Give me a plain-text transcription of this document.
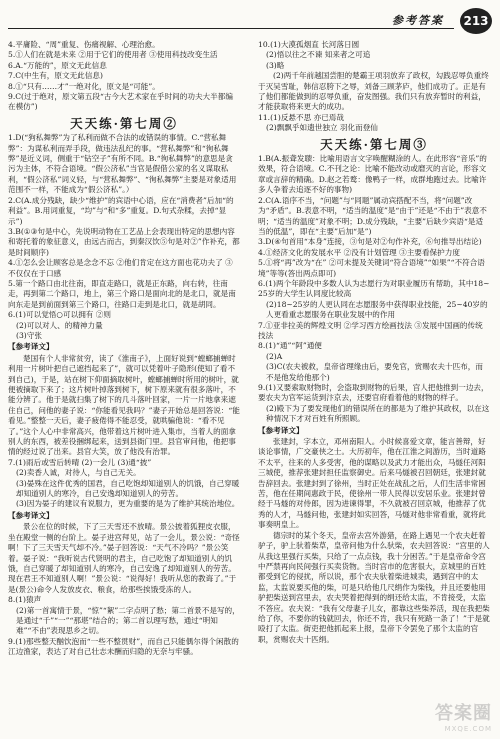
参考答案	213

4.平庸险、“周”重复、伤痛视解、心理治愈。

5.①人们在就是未来 ②用于它们的使用者 ③使用科技改变生活

6.A.“万能的”，原文无此信息

7.C(中生有，原文无此信息)

8.①“只有……才”一绝对化，原文是“可能”。

9.C(过于绝对，原文第五段“古今大艺术家在乎时间的功夫大半都编在模仿”)

天天练·第七周②

1.D(“狗私舞弊”为了私利而做不合法的或错误的事情。C.“营私舞弊”：为谋私利而弄手段，做违法乱纪的事。“营私舞弊”和“徇私舞弊”是近义词，侧重于“钻空子”有所不同。B.“徇私舞弊”的意思是贪污为主体，不符合语境。“假公济私”当官是假借公家的名义谋取私利，“假公济私”词义轻，与“营私舞弊”、“徇私舞弊”主要是对象适用范围不一样，不能成为“假公济私”。）

2.C(A.成分残缺，缺少“维护”的宾语中心语，应在“消费者”后加“的利益”。B.用词重复，“均”与“和“多”重复。D.句式杂糅，去掉“显示”)

3.B(①③句是中心，先说明动物在工艺品上会表现出特定的思想内容和寄托着的象征意义，由远古而古，到秦汉饮⑤句是对②”作补充，都是时间顺序)

4.①怎么会让顾客总是念念不忘 ②他们肯定在这方面也花功夫了 ③不仅仅在于口感

5.第一个路口由北往南，即直走路口，就是正东路，向右转，往南走，再到第二个路口，地上，第三个路口是面向北的是北口，就是南向东走是到前面到第三个路口，往路口走到是北口，就是胡同。

6.(1)可以觉悟○可以拥有 ②则

(2)可以对人、的精神力量

(3)守张

【参考译文】

楚国有个人非常贫穷，读了《淮南子》，上面好说到“螳螂捕蝉时利用一片树叶把自己遮挡起来了”，就可以凭着叶子隐形(使知了看不到自己)，于是，站在树下仰面摘取树叶，螳螂捕蝉时所用的树叶，就便被摘取下来了；这片树叶掉落到树下，树下原来就有很多落叶，不能分辨了。他于是就扫集了树下的几斗落叶回家，一片一片地拿来遮住自己，问他的妻子说：“你能看见我吗？”妻子开始总是回答说：“能看见。”整整一天后，妻子疲倦得不能忍受，就哄骗他说：“看不见了。”这个人心中非常高兴，他带着这片树叶进入集市，当着人的面拿别人的东西，被差役捆绑起来，送到县衙门里。县官审问他，他把事情的经过说了出来。县官大笑，放了他没有治罪。

7.(1)雨后或雪后转晴 (2)一会儿 (3)通“披”

(2)卖香人诚，对待人，与自己无关。

(3)晏殊在这件优秀的国君，自己吃饱却知道别人的饥饿，自己穿暖却知道别人的寒冷，自己安逸却知道别人的劳苦。

(3)因为晏子的建议有说服力，更为重要的是为了维护其统治地位。

【参考译文】

景公在位的时候，下了三天雪还不放晴。景公披着狐狸皮衣服，坐在殿堂一侧的台阶上。晏子进宫拜见，站了一会儿，景公说：“奇怪啊！下了三天雪天气却不冷。”晏子回答说：“天气不冷吗？”景公笑着。晏子说：“我听说古代贤明的君主，自己吃饱了却知道别人的饥饿，自己穿暖了却知道别人的寒冷，自己安逸了却知道别人的劳苦。现在君王不知道别人啊！”景公说：“说得好！我听从您的教诲了。”于是(景公)命令人发放皮衣、粮食，给那些挨饿受冻的人。

8.(1)猿声

(2)第一首寓情于景，“惊”“絮”二字点明了愁；第二首景不是写的，是通过“千”“一”“那堪”结合的；第二首以理写愁，通过“明知难”“不由”表现思乡之切。

9.(1)那些整天酗饮泡而“一些不整贯财”，而自己只能偶尔得个闲散的江边渔家，表达了对自己壮志未酬而归隐的无奈与牢骚。

10.(1)大漠孤烟直 长河落日圆

(2)悟以往之不谏 知来者之可追

(3)略

(2)两千年前越国尝胆的楚霸王项羽放弃了政权，勾践忍辱负重终于灭吴雪耻，韩信忍胯下之辱，刘备三顾茅庐，他们成功了。正是有了他们都能做到的忍辱负重，奋发图强。我们只有放弃暂时的利益，才能获取将来更大的成功。

11.(1)反悬不思 亦已焉哉

(2)飘飘乎如遗世独立 羽化而登仙

天天练·第七周③

1.B(A.振聋发聩：比喻用语言文字唤醒糊涂的人。在此形容“音乐”的效果，符合语境。C.不刊之论：比喻不能改动或磨灭的言论，形容文章或言辞的精确。D.赵之若鹜：像鸭子一样，成群地跑过去。比喻许多人争着去追逐不好的事物)

2.C(A.语序不当，“问题”与“同题”属动宾搭配不当，将“问题”改为“矛盾”。B.表意不明，“适当的温度”是“由于”还是“不由于”表意不明；“适当的温度”对象不明；D.成分残缺，“主要”后缺少宾语“是适当的低温”，即在“主要”后加“是”)

3.D(④句首用“本身”连接，③句是对②句作补充，⑥句推导出结论)

4.①经济文化的发展水平 ②没有计划管理 ③主要看保护力度

5.①将“再”改为“在” ②可未提及关键词“符合语境”“如果”“不符合语境”等等(答出两点即可)

6.(1)两个年龄段中多数人认为志愿行为对职业履历有帮助，其中18~25岁的大学生认同度比较高

(2)18~25岁的人更认同在志愿服务中获得职业技能，25~40岁的人更看重志愿服务在职业发展中的作用

7.①亚非拉美的辉煌文明 ②学习西方绘画技法 ③发展中国画的传统技法

8.(1)“通”“阿”通便

(2)A

(3)C(农夫被救，皇帝省理缘由后，要免官，赏赐农夫十匹布，而不是他发给他那个)

9.(1)又要索取财物时，会盗取到财物的后果，宫人把他推到一边去，要农夫为官军运货到汴京去，还要官府看着他的财物的样子。

(2)殿下为了要发现他们的错误所在的都是为了维护其政权，以在这种情况下才对百姓有所照顾。

【参考译文】

张建封，字本立，邓州南阳人。小时候喜爱文章，能言善辩，好谈论事情，广交豪侠之士。大历初年，他在江淮之间游历，当时道路不太平，往来的人多受害，他的谋略以及武力才能出众，马燧任河阳三城使，推荐张建封担任监察御史。后来马燧被召回朝廷，张建封就告辞回去。张建封到了徐州，当时正处在战乱之后，人们生活非常困苦，他在任期间惠政于民，使徐州一带人民得以安居乐业。张建封曾经于马燧的对侍郎，因为进谏得罪，不久就被召回京城，他推荐了优秀的人才，马燧问他，张建封如实回答，马燧对他非常看重，就将此事奏明皇上。

德宗时的某个冬天，皇帝去宫外游猎，在路上遇见一个农夫赶着驴子，驴上驮着柴草，皇帝问他为什么驮柴，农夫回答说：“宫里的人从我这里强行买柴，只给了一点点钱，我十分困苦。”于是皇帝命令宫中严禁再向民间强行买卖货物。当时宫市的危害很大，京城里的百姓都受到它的侵扰，所以说，那个农夫驮着柴进城卖，遇到宫中的太监，太监说要买他的柴，可是只给他几尺绢作为柴钱，并且还要他用驴把柴送到宫里去，农夫哭着把得到的绢还给太监，不肯接受，太监不答应。农夫说：“我有父母妻子儿女，都靠这些柴养活，现在我把柴给了你，不要你的钱就回去，你还不肯，我只有死路一条了！”于是就殴打了太监。街吏把他抓起来上报，皇帝下令罢免了那个太监的官职，赏赐农夫十匹绢。

答案圈
MXQE.COM
